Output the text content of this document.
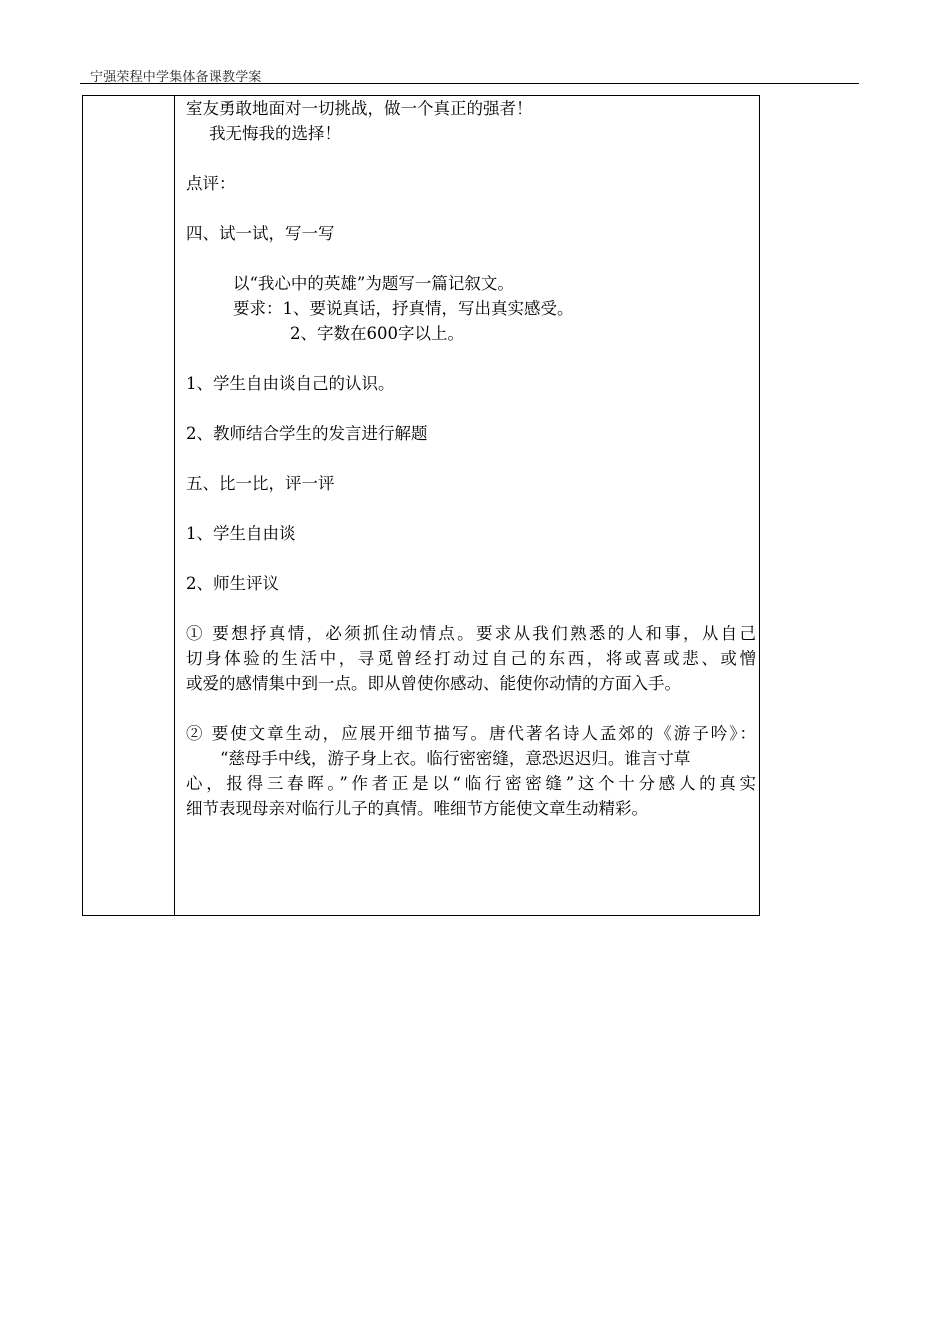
宁强荣程中学集体备课教学案
室友勇敢地面对一切挑战，做一个真正的强者！
我无悔我的选择！
点评：
四、试一试，写一写
以“我心中的英雄”为题写一篇记叙文。
要求：1、要说真话，抒真情，写出真实感受。
2、字数在600字以上。
1、学生自由谈自己的认识。
2、教师结合学生的发言进行解题
五、比一比，评一评
1、学生自由谈
2、师生评议
① 要想抒真情，必须抓住动情点。要求从我们熟悉的人和事，从自己
切身体验的生活中，寻觅曾经打动过自己的东西，将或喜或悲、或憎
或爱的感情集中到一点。即从曾使你感动、能使你动情的方面入手。
② 要使文章生动，应展开细节描写。唐代著名诗人孟郊的《游子吟》：
“慈母手中线，游子身上衣。临行密密缝，意恐迟迟归。谁言寸草
心，报得三春晖。”作者正是以“临行密密缝”这个十分感人的真实
细节表现母亲对临行儿子的真情。唯细节方能使文章生动精彩。
